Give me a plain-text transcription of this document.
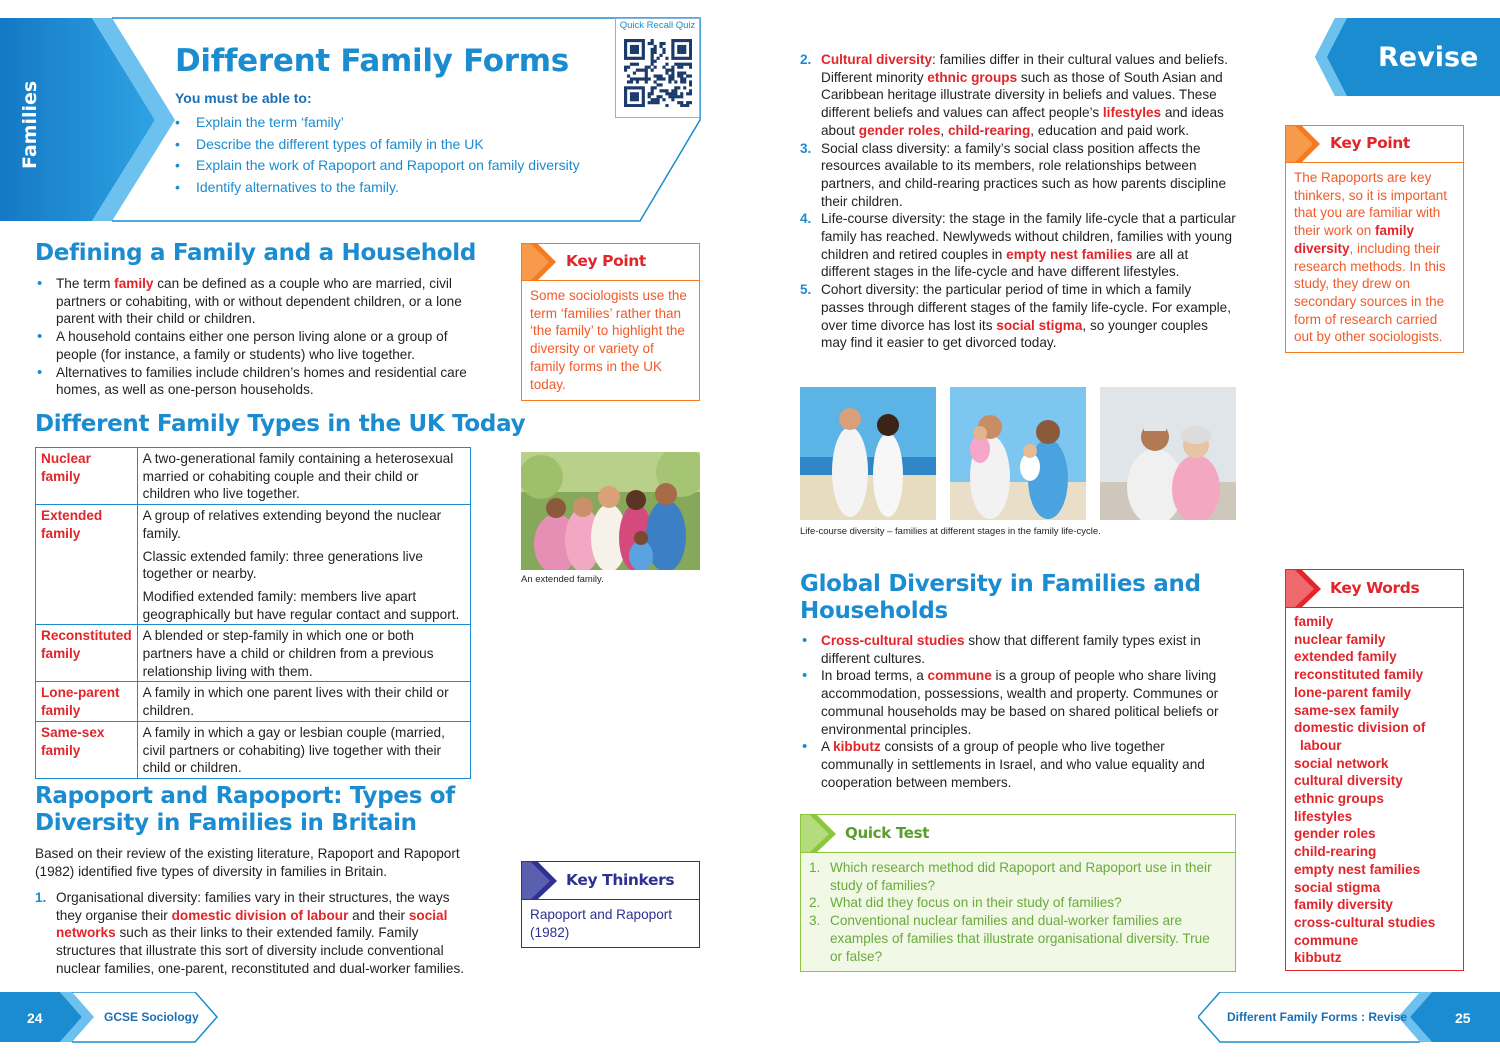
Families
Different Family Forms
You must be able to:
• Explain the term ‘family’
• Describe the different types of family in the UK
• Explain the work of Rapoport and Rapoport on family diversity
• Identify alternatives to the family.
Quick Recall Quiz
Defining a Family and a Household
• The term family can be defined as a couple who are married, civil partners or cohabiting, with or without dependent children, or a lone parent with their child or children.
• A household contains either one person living alone or a group of people (for instance, a family or students) who live together.
• Alternatives to families include children’s homes and residential care homes, as well as one-person households.
Key Point
Some sociologists use the term ‘families’ rather than ‘the family’ to highlight the diversity or variety of family forms in the UK today.
Different Family Types in the UK Today
Nuclear family	A two-generational family containing a heterosexual married or cohabiting couple and their child or children who live together.

Extended family	A group of relatives extending beyond the nuclear family.

Classic extended family: three generations live together or nearby.

Modified extended family: members live apart geographically but have regular contact and support.

Reconstituted family	A blended or step-family in which one or both partners have a child or children from a previous relationship living with them.

Lone-parent family	A family in which one parent lives with their child or children.

Same-sex family	A family in which a gay or lesbian couple (married, civil partners or cohabiting) live together with their child or children.

An extended family.
Rapoport and Rapoport: Types of
Diversity in Families in Britain
Based on their review of the existing literature, Rapoport and Rapoport (1982) identified five types of diversity in families in Britain.
1. Organisational diversity: families vary in their structures, the ways they organise their domestic division of labour and their social networks such as their links to their extended family. Family structures that illustrate this sort of diversity include conventional nuclear families, one-parent, reconstituted and dual-worker families.
Key Thinkers
Rapoport and Rapoport (1982)
24	GCSE Sociology
2. Cultural diversity: families differ in their cultural values and beliefs. Different minority ethnic groups such as those of South Asian and Caribbean heritage illustrate diversity in beliefs and values. These different beliefs and values can affect people’s lifestyles and ideas about gender roles, child-rearing, education and paid work.
3. Social class diversity: a family’s social class position affects the resources available to its members, role relationships between partners, and child-rearing practices such as how parents discipline their children.
4. Life-course diversity: the stage in the family life-cycle that a particular family has reached. Newlyweds without children, families with young children and retired couples in empty nest families are all at different stages in the life-cycle and have different lifestyles.
5. Cohort diversity: the particular period of time in which a family passes through different stages of the family life-cycle. For example, over time divorce has lost its social stigma, so younger couples may find it easier to get divorced today.
Revise
Key Point
The Rapoports are key thinkers, so it is important that you are familiar with their work on family diversity, including their research methods. In this study, they drew on secondary sources in the form of research carried out by other sociologists.
Life-course diversity – families at different stages in the family life-cycle.
Global Diversity in Families and
Households
• Cross-cultural studies show that different family types exist in different cultures.
• In broad terms, a commune is a group of people who share living accommodation, possessions, wealth and property. Communes or communal households may be based on shared political beliefs or environmental principles.
• A kibbutz consists of a group of people who live together communally in settlements in Israel, and who value equality and cooperation between members.
Quick Test
1. Which research method did Rapoport and Rapoport use in their study of families?
2. What did they focus on in their study of families?
3. Conventional nuclear families and dual-worker families are examples of families that illustrate organisational diversity. True or false?
Key Words
family
nuclear family
extended family
reconstituted family
lone-parent family
same-sex family
domestic division of
labour
social network
cultural diversity
ethnic groups
lifestyles
gender roles
child-rearing
empty nest families
social stigma
family diversity
cross-cultural studies
commune
kibbutz
Different Family Forms : Revise	25
